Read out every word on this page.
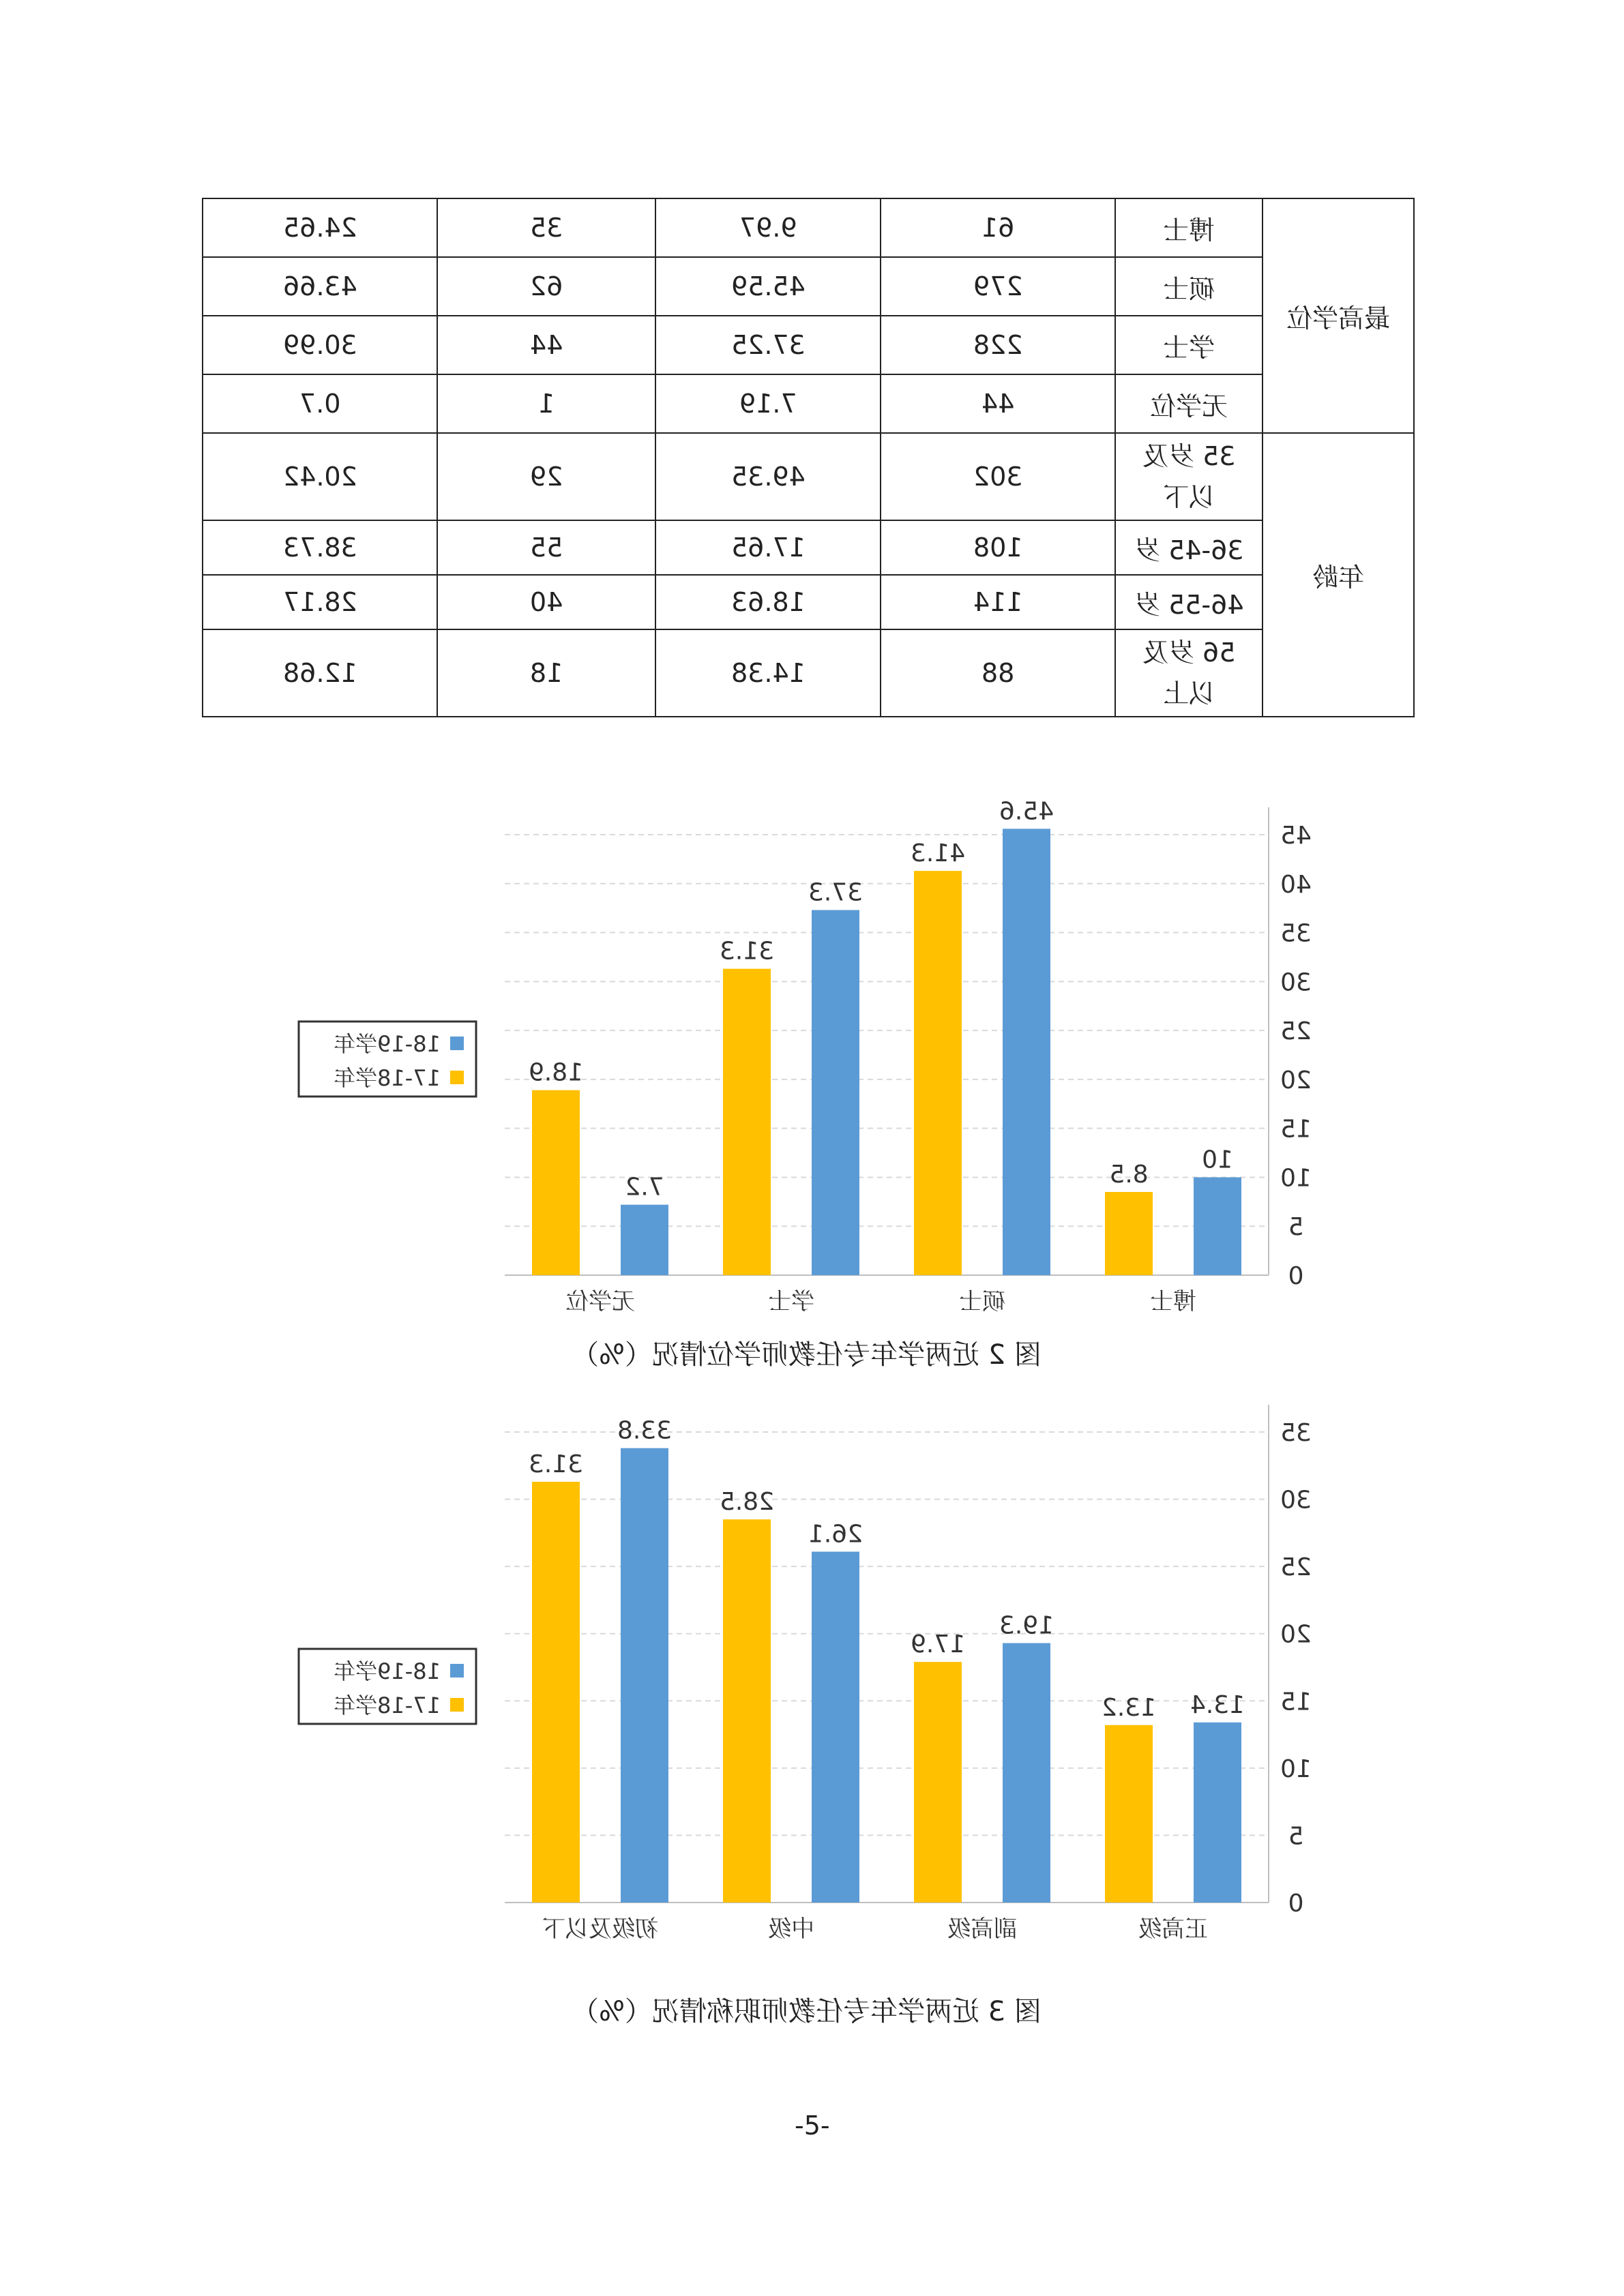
24.65	35	9.97	61	博士	最高学位
43.66	62	45.59	279	硕士	
30.99	44	37.25	228	学士	
0.7	1	7.19	44	无学位	
20.42	29	49.35	302	35 岁及
以下	年龄
38.73	55	17.65	108	36-45 岁	
28.17	40	18.63	114	46-55 岁	
12.68	18	14.38	88	56 岁及
以上	
0
5
10
15
20
25
30
35
40
45
10
8.5
博士
45.6
41.3
硕士
37.3
31.3
学士
7.2
18.9
无学位
18-19学年
17-18学年
图 2 近两学年专任教师学位情况（%）
0
5
10
15
20
25
30
35
13.4
13.2
正高级
19.3
17.9
副高级
26.1
28.5
中级
33.8
31.3
初级及以下
18-19学年
17-18学年
图 3 近两学年专任教师职称情况（%）
-5-
